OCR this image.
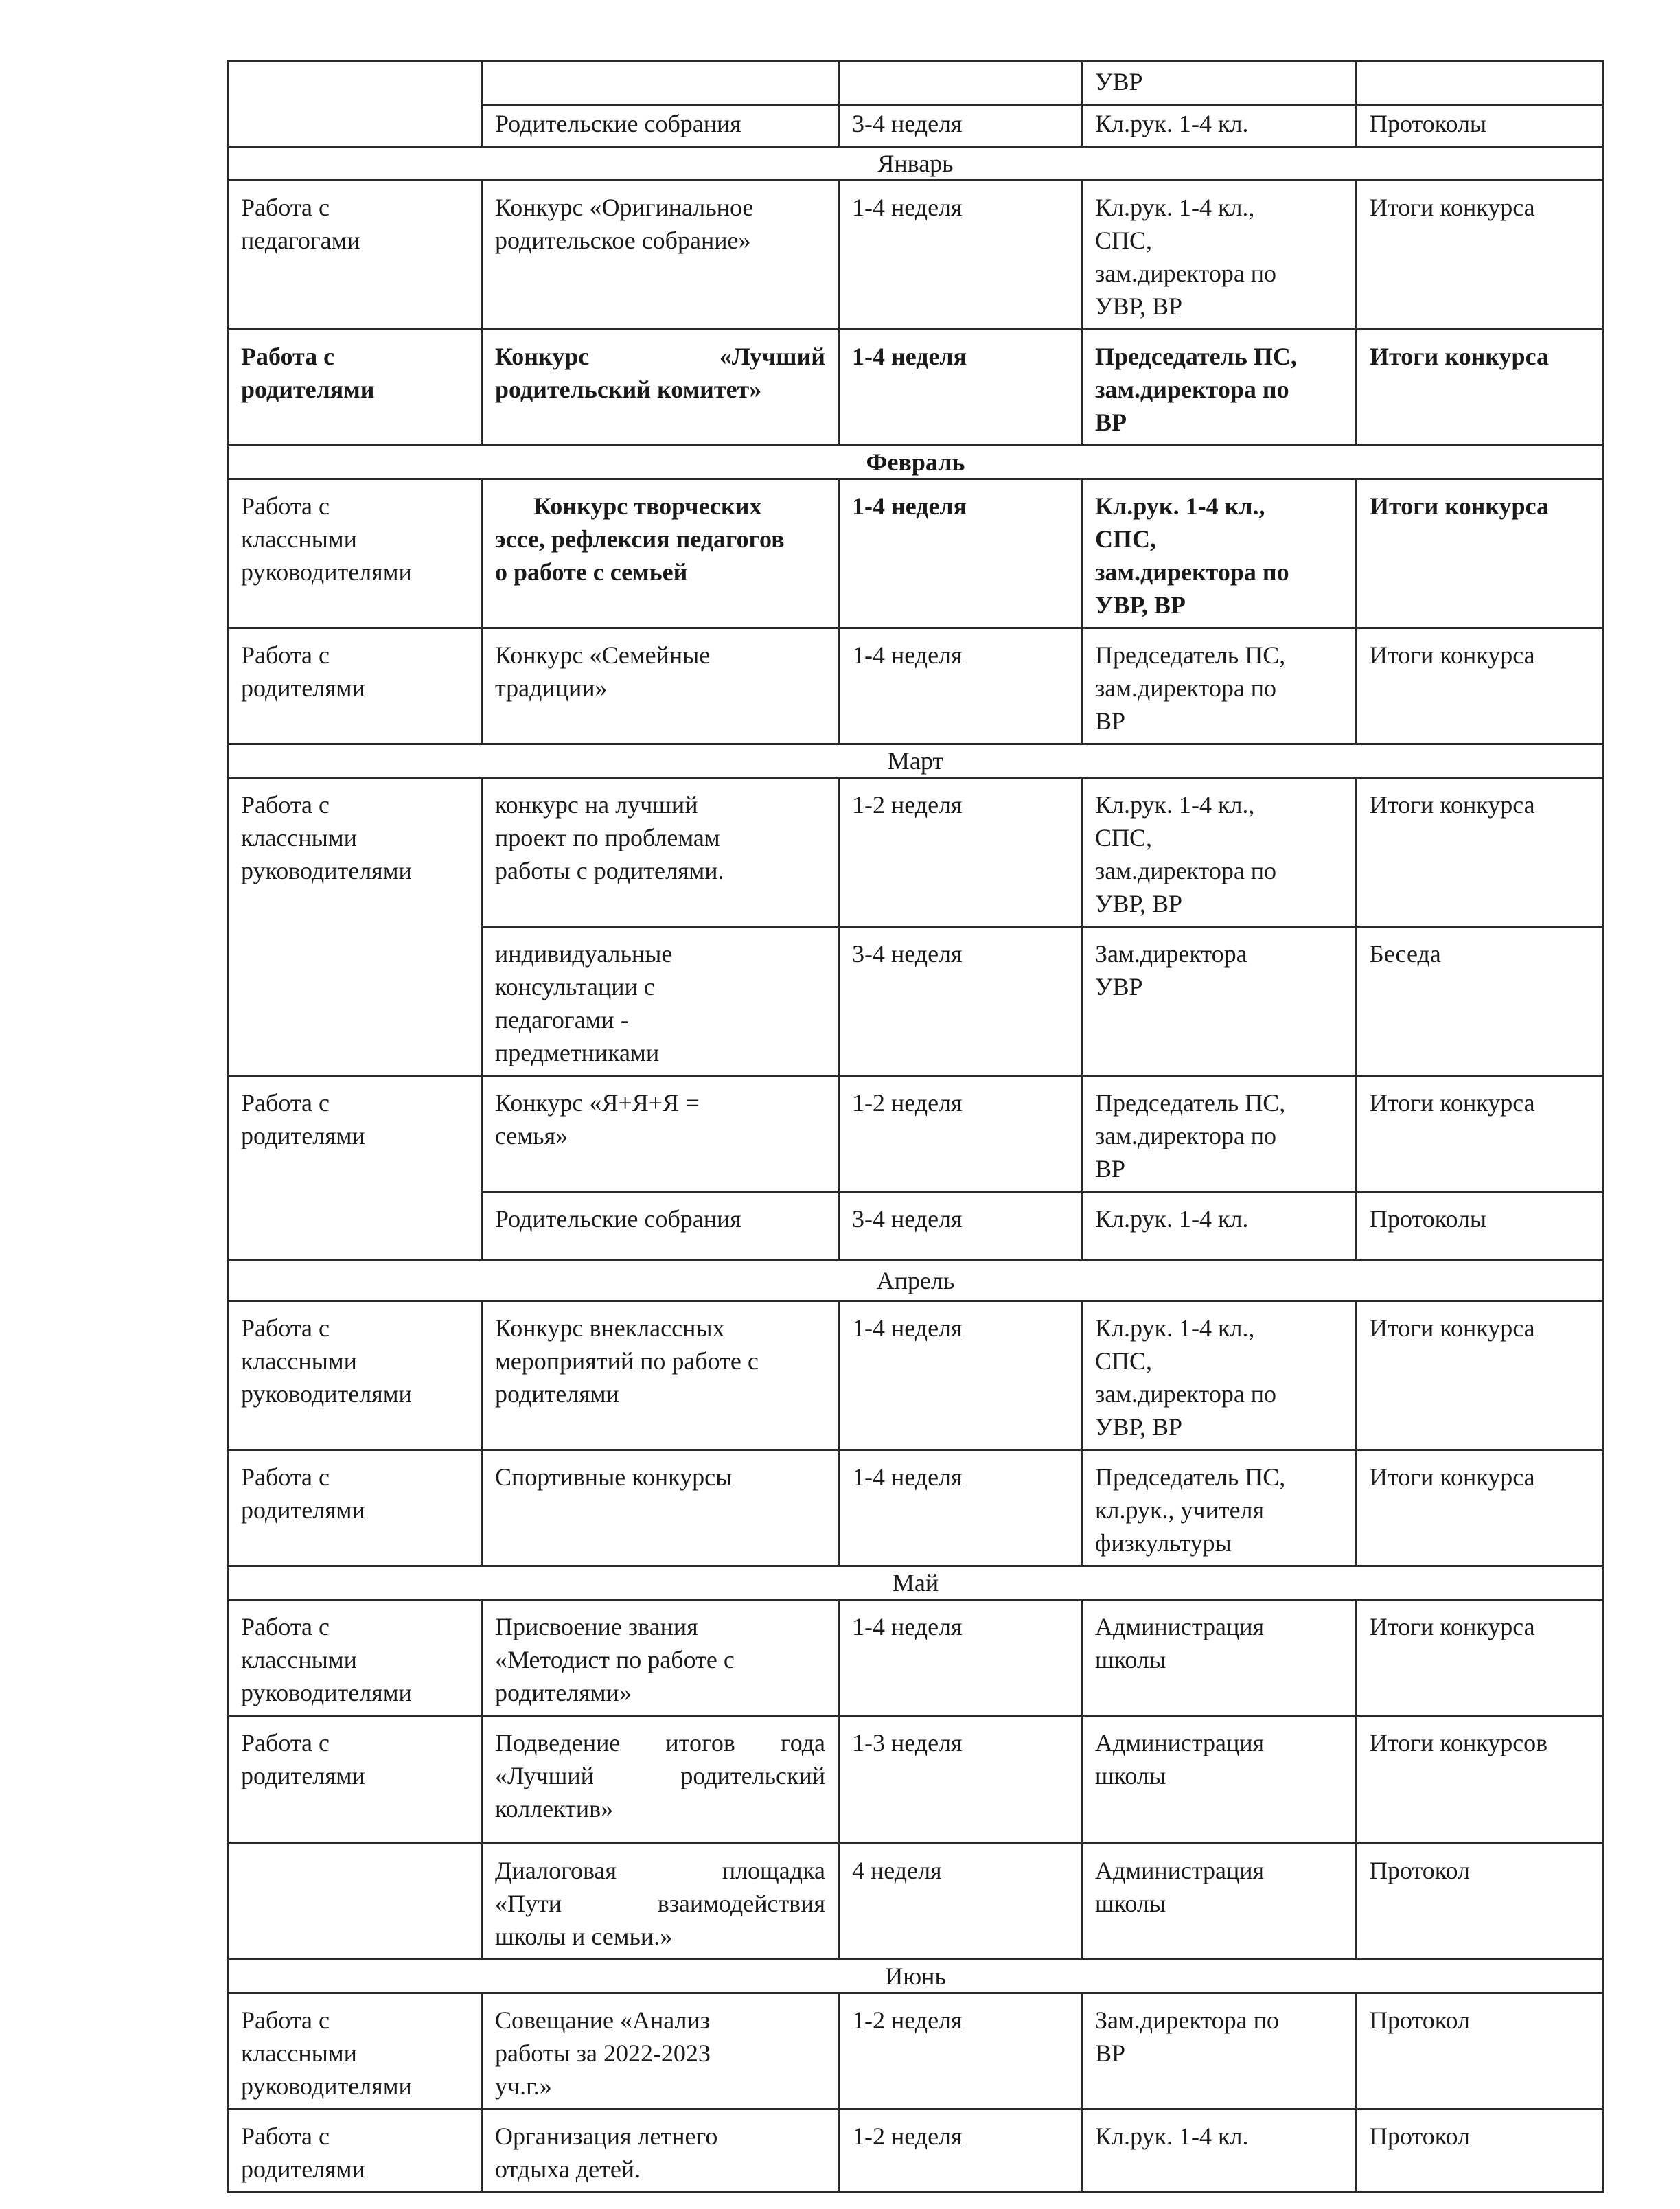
			УВР	
	Родительские собрания	3-4 неделя	Кл.рук. 1-4 кл.	Протоколы
Январь				

Работа с
педагогами	Конкурс «Оригинальное
родительское собрание»	1-4 неделя	Кл.рук. 1-4 кл.,
СПС,
зам.директора по
УВР, ВР	Итоги конкурса

Работа с
родителями	Конкурс «Лучший
родительский комитет»	1-4 неделя	Председатель ПС,
зам.директора по
ВР	Итоги конкурса
Февраль				

Работа с
классными
руководителями	Конкурс творческих
эссе, рефлексия педагогов
о работе с семьей	1-4 неделя	Кл.рук. 1-4 кл.,
СПС,
зам.директора по
УВР, ВР	Итоги конкурса

Работа с
родителями	Конкурс «Семейные
традиции»	1-4 неделя	Председатель ПС,
зам.директора по
ВР	Итоги конкурса
Март				

Работа с
классными
руководителями	конкурс на лучший
проект по проблемам
работы с родителями.	1-2 неделя	Кл.рук. 1-4 кл.,
СПС,
зам.директора по
УВР, ВР	Итоги конкурса

	индивидуальные
консультации с
педагогами -
предметниками	3-4 неделя	Зам.директора
УВР	Беседа

Работа с
родителями	Конкурс «Я+Я+Я =
семья»	1-2 неделя	Председатель ПС,
зам.директора по
ВР	Итоги конкурса
	Родительские собрания	3-4 неделя	Кл.рук. 1-4 кл.	Протоколы
Апрель				

Работа с
классными
руководителями	Конкурс внеклассных
мероприятий по работе с
родителями	1-4 неделя	Кл.рук. 1-4 кл.,
СПС,
зам.директора по
УВР, ВР	Итоги конкурса

Работа с
родителями	Спортивные конкурсы	1-4 неделя	Председатель ПС,
кл.рук., учителя
физкультуры	Итоги конкурса
Май				

Работа с
классными
руководителями	Присвоение звания
«Методист по работе с
родителями»	1-4 неделя	Администрация
школы	Итоги конкурса

Работа с
родителями	Подведение итогов года
«Лучший родительский
коллектив»	1-3 неделя	Администрация
школы	Итоги конкурсов

	Диалоговая площадка
«Пути взаимодействия
школы и семьи.»	4 неделя	Администрация
школы	Протокол
Июнь				

Работа с
классными
руководителями	Совещание «Анализ
работы за 2022-2023
уч.г.»	1-2 неделя	Зам.директора по
ВР	Протокол

Работа с
родителями	Организация летнего
отдыха детей.	1-2 неделя	Кл.рук. 1-4 кл.	Протокол
